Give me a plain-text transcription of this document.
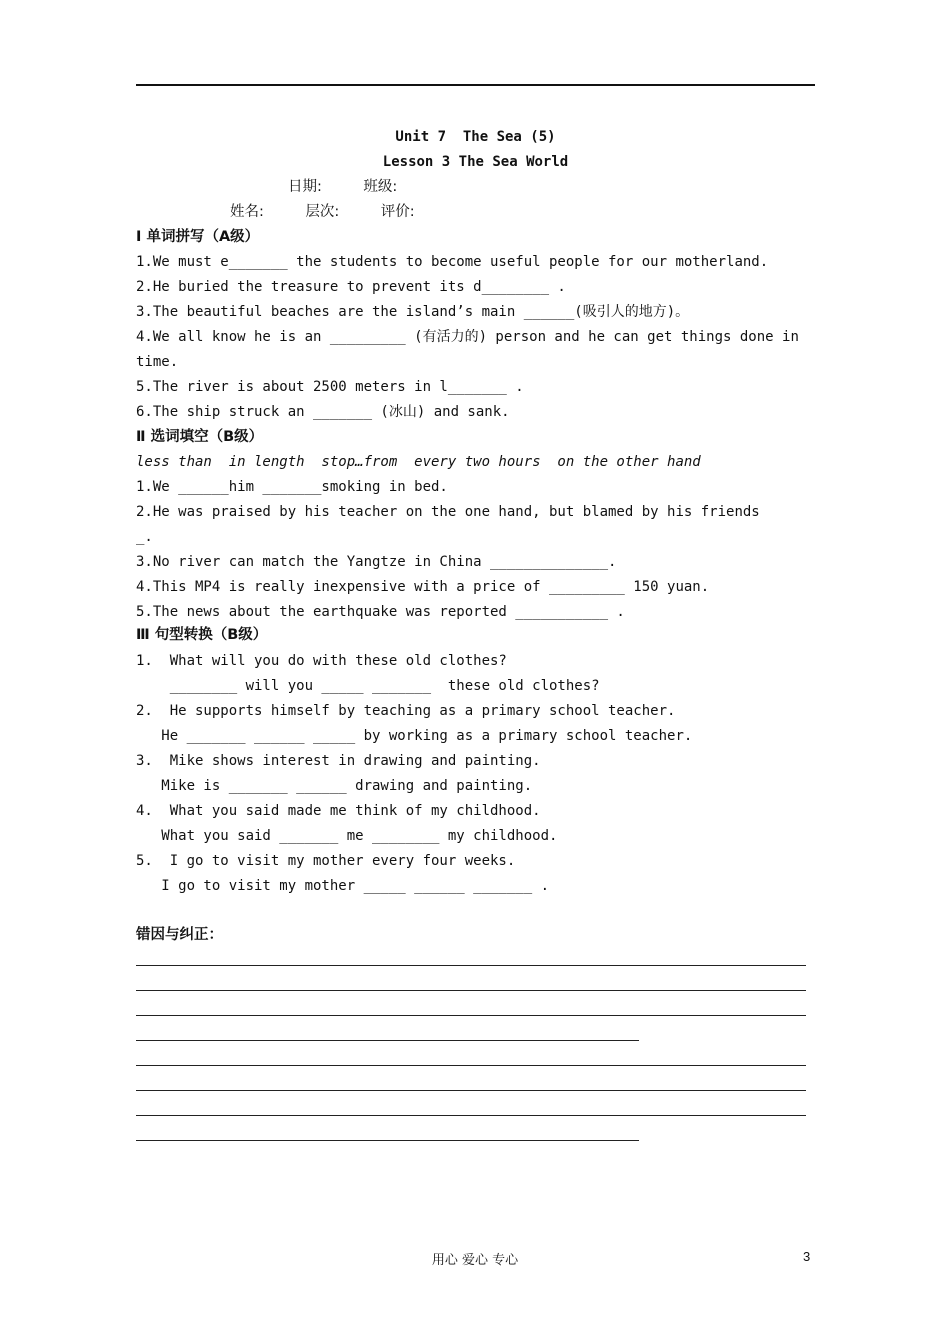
Unit 7  The Sea (5)
Lesson 3 The Sea World
日期:         班级:
姓名:         层次:         评价:
Ⅰ 单词拼写（A级）
1.We must e_______ the students to become useful people for our motherland.
2.He buried the treasure to prevent its d________ .
3.The beautiful beaches are the island’s main ______(吸引人的地方)。
4.We all know he is an _________ (有活力的) person and he can get things done in
time.
5.The river is about 2500 meters in l_______ .
6.The ship struck an _______ (冰山) and sank.
Ⅱ 选词填空（B级）
less than  in length  stop…from  every two hours  on the other hand
1.We ______him _______smoking in bed.
2.He was praised by his teacher on the one hand, but blamed by his friends
_.
3.No river can match the Yangtze in China ______________.
4.This MP4 is really inexpensive with a price of _________ 150 yuan.
5.The news about the earthquake was reported ___________ .
Ⅲ 句型转换（B级）
1.  What will you do with these old clothes?
________ will you _____ _______  these old clothes?
2.  He supports himself by teaching as a primary school teacher.
He _______ ______ _____ by working as a primary school teacher.
3.  Mike shows interest in drawing and painting.
Mike is _______ ______ drawing and painting.
4.  What you said made me think of my childhood.
What you said _______ me ________ my childhood.
5.  I go to visit my mother every four weeks.
I go to visit my mother _____ ______ _______ .
错因与纠正：
用心 爱心 专心	3
